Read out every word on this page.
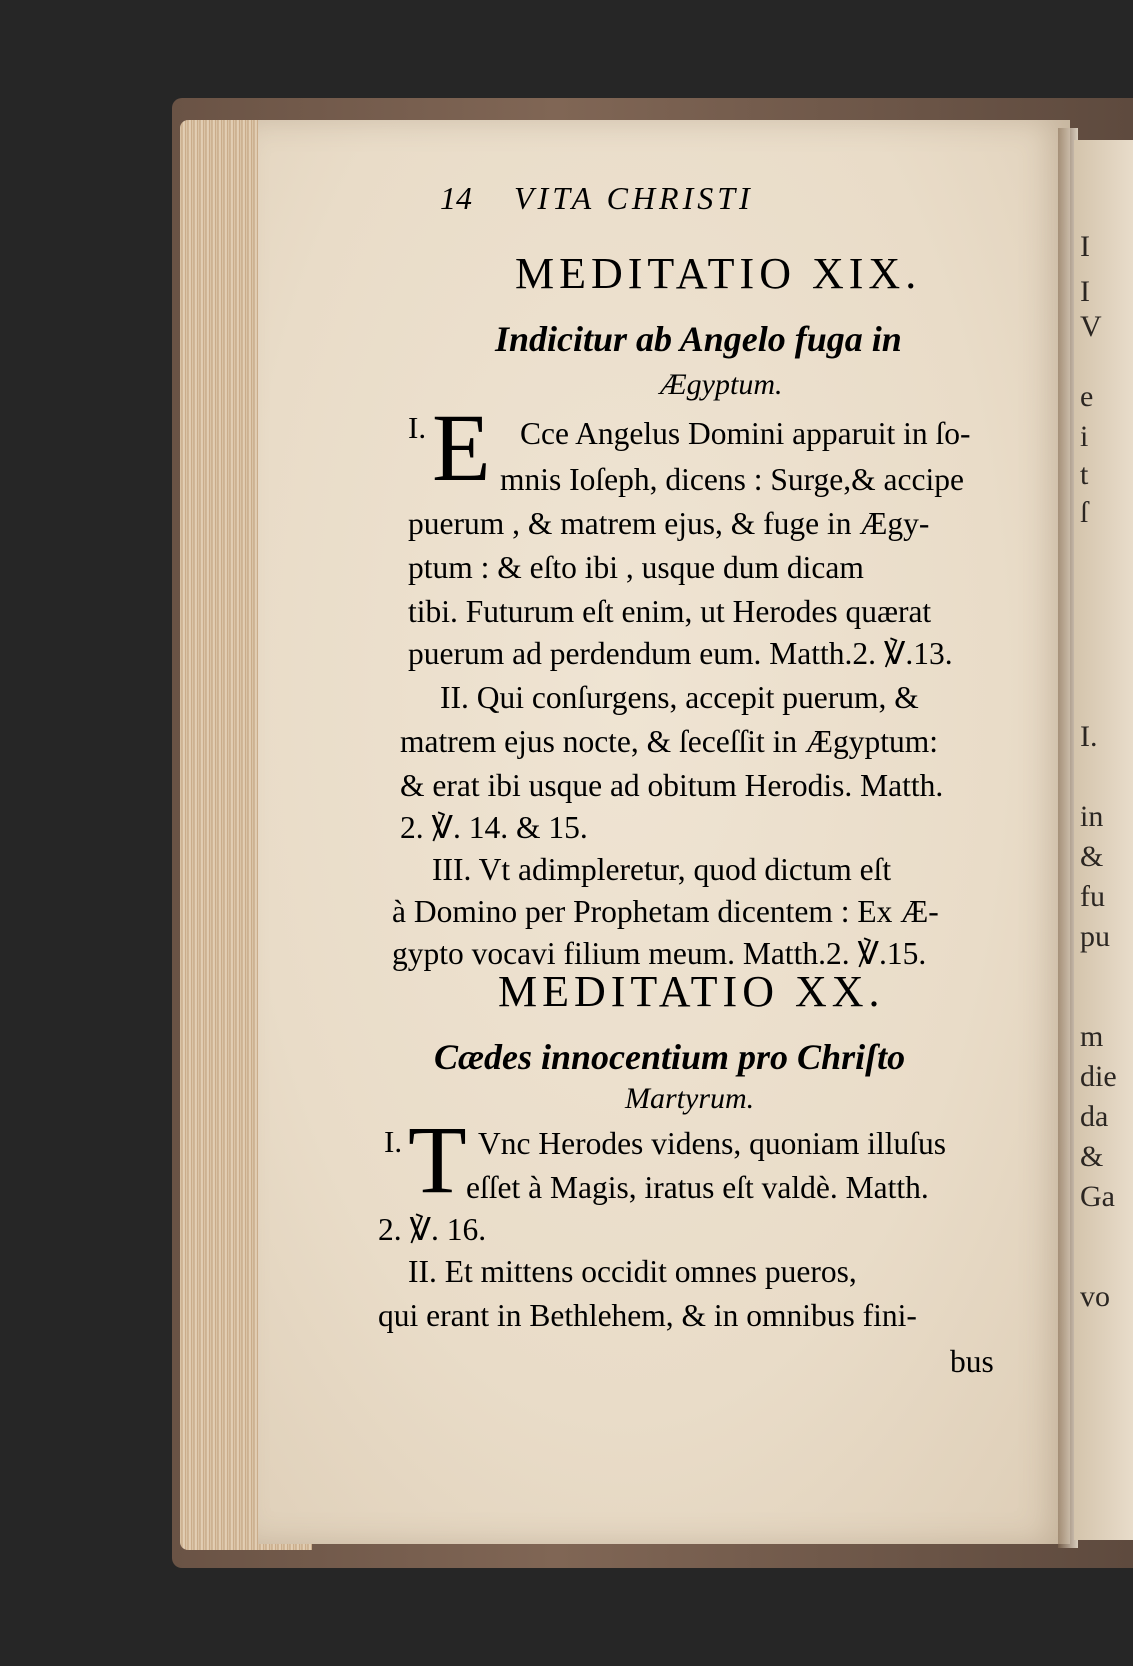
I
I
V
e
i
t
ſ
I.
in
&
fu
pu
m
die
da
&
Ga
vo
14 VITA CHRISTI
MEDITATIO XIX.
Indicitur ab Angelo fuga in
Ægyptum.
I. E Cce Angelus Domini apparuit in ſo-
mnis Ioſeph, dicens : Surge,& accipe
puerum , & matrem ejus, & fuge in Ægy-
ptum : & eſto ibi , usque dum dicam
tibi. Futurum eſt enim, ut Herodes quærat
puerum ad perdendum eum. Matth.2. ℣.13.
II. Qui conſurgens, accepit puerum, &
matrem ejus nocte, & ſeceſſit in Ægyptum:
& erat ibi usque ad obitum Herodis. Matth.
2. ℣. 14. & 15.
III. Vt adimpleretur, quod dictum eſt
à Domino per Prophetam dicentem : Ex Æ-
gypto vocavi filium meum. Matth.2. ℣.15.
MEDITATIO XX.
Cædes innocentium pro Chriſto
Martyrum.
I. T Vnc Herodes videns, quoniam illuſus
eſſet à Magis, iratus eſt valdè. Matth.
2. ℣. 16.
II. Et mittens occidit omnes pueros,
qui erant in Bethlehem, & in omnibus fini-
bus
